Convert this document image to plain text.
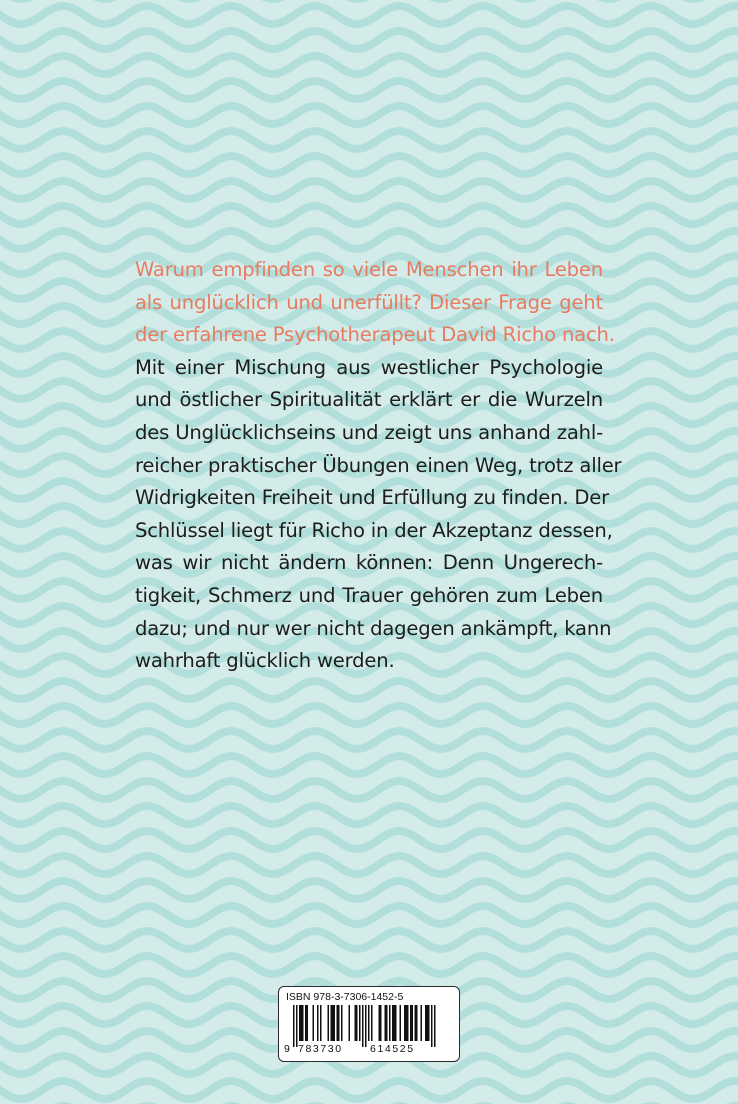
Warum empfinden so viele Menschen ihr Leben
als unglücklich und unerfüllt? Dieser Frage geht
der erfahrene Psychotherapeut David Richo nach.
Mit einer Mischung aus westlicher Psychologie
und östlicher Spiritualität erklärt er die Wurzeln
des Unglücklichseins und zeigt uns anhand zahl-
reicher praktischer Übungen einen Weg, trotz aller
Widrigkeiten Freiheit und Erfüllung zu finden. Der
Schlüssel liegt für Richo in der Akzeptanz dessen,
was wir nicht ändern können: Denn Ungerech-
tigkeit, Schmerz und Trauer gehören zum Leben
dazu; und nur wer nicht dagegen ankämpft, kann
wahrhaft glücklich werden.
ISBN 978-3-7306-1452-5
9 783730	614525
